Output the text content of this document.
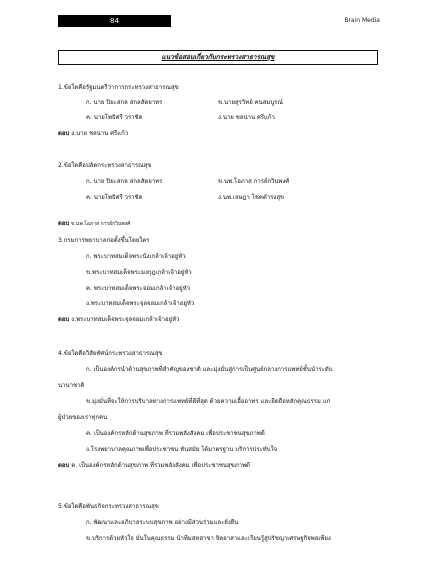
84	Brain Media
แนวข้อสอบเกี่ยวกับกระทรวงสาธารณสุข
1.ข้อใดคือรัฐมนตรีว่าการกระทรวงสาธารณสุข
ก. นาย ปิยะสกล สกลสัตยาทร	ข.นายสุรวิทย์ คนสมบูรณ์
ค. นายโพธิศรี วราชิต	ง.นาย ชลน่าน ศรีแก้ว
ตอบ ง.นาย ชลน่าน ศรีแก้ว
2.ข้อใดคือปลัดกระทรวงสาธารณสุข
ก. นาย ปิยะสกล สกลสัตยาทร	ข.นพ.โอภาส การย์กวินพงศ์
ค. นายโพธิศรี วราชิต	ง.นพ.เจษฎา โชคดำรงสุข
ตอบ ข.นพ.โอภาส การย์กวินพงศ์
3.กรมการพยาบาลก่อตั้งขึ้นโดยใคร
ก. พระบาทสมเด็จพระนั่งเกล้าเจ้าอยู่หัว
ข.พระบาทสมเด็จพระมงกุฎเกล้าเจ้าอยู่หัว
ค. พระบาทสมเด็จพระจอมเกล้าเจ้าอยู่หัว
ง.พระบาทสมเด็จพระจุลจอมเกล้าเจ้าอยู่หัว
ตอบ ง.พระบาทสมเด็จพระจุลจอมเกล้าเจ้าอยู่หัว
4.ข้อใดคือวิสัยทัศน์กระทรวงสาธารณสุข
ก. เป็นองค์กรนำด้านสุขภาพที่สำคัญของชาติ และมุ่งมั่นสู่การเป็นศูนย์กลางการแพทย์ชั้นนำระดับ
นานาชาติ
ข.มุ่งมั่นที่จะให้การบริบาลทางการแพทย์ที่ดีที่สุด ด้วยความเอื้ออาทร และยึดถือหลักคุณธรรม แก่
ผู้ป่วยของเราทุกคน
ค. เป็นองค์กรหลักด้านสุขภาพ ที่รวมพลังสังคม เพื่อประชาชนสุขภาพดี
ง.โรงพยาบาลคุณภาพเพื่อประชาชน ทันสมัย ได้มาตรฐาน บริการประทับใจ
ตอบ ค. เป็นองค์กรหลักด้านสุขภาพ ที่รวมพลังสังคม เพื่อประชาชนสุขภาพดี
5.ข้อใดคือพันธกิจกระทรวงสาธารณสุข
ก. พัฒนาและอภิบาลระบบสุขภาพ อย่างมีส่วนร่วมและยั่งยืน
ข.บริการด้วยหัวใจ มั่นในคุณธรรม นำทีมสหสาขา จิตอาสาและเรียนรู้สู่ปรัชญาเศรษฐกิจพอเพียง
